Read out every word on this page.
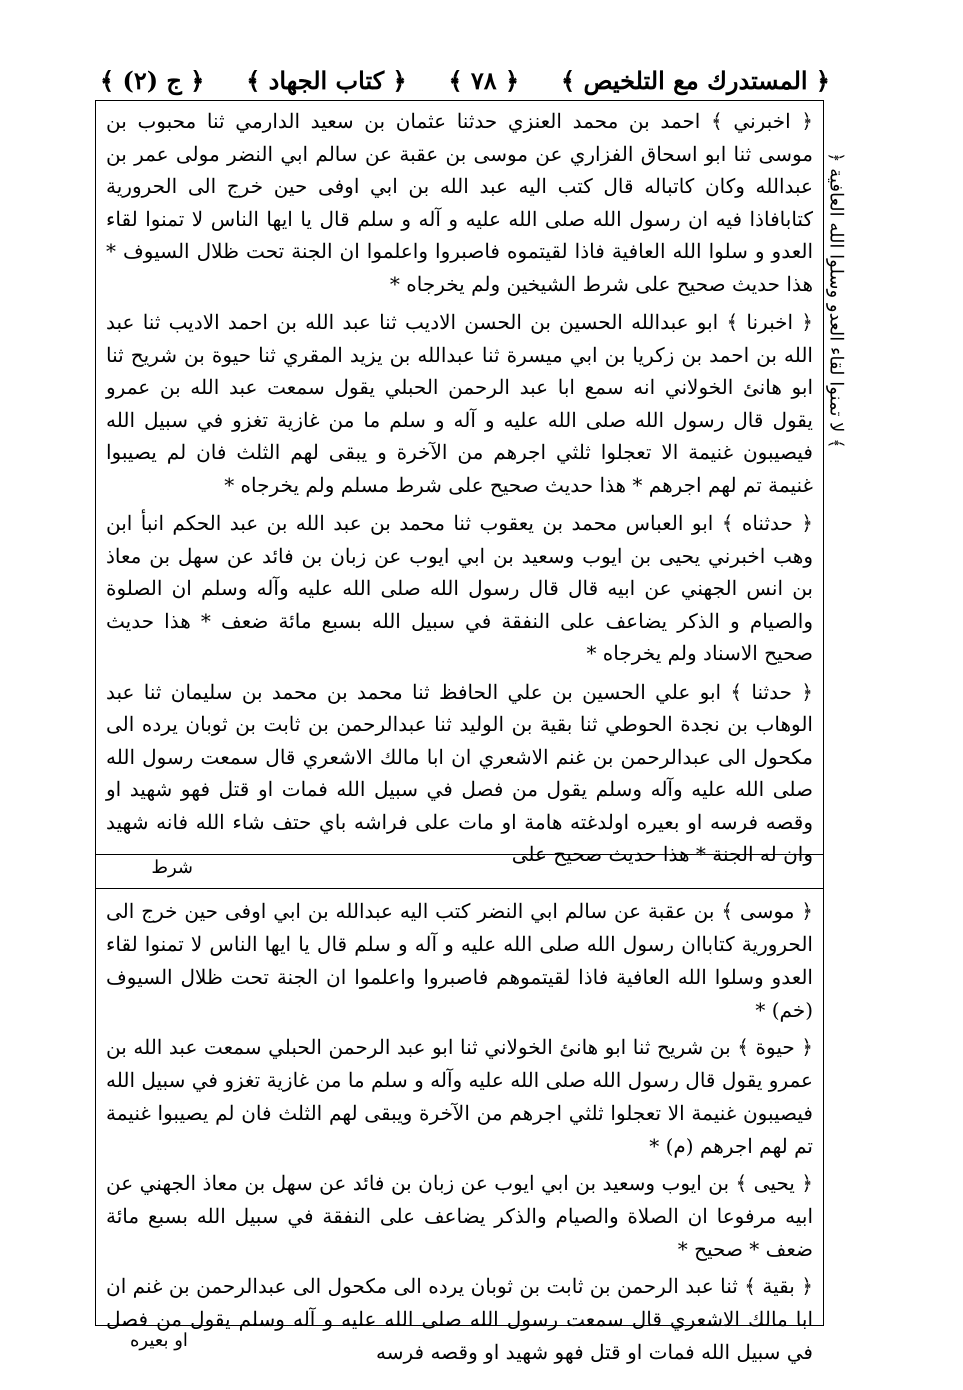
﴿ المستدرك مع التلخيص ﴾
﴿ ٧٨ ﴾
﴿ كتاب الجهاد ﴾
﴿ ج (٢) ﴾

﴿ اخبرني ﴾ احمد بن محمد العنزي حدثنا عثمان بن سعيد الدارمي ثنا محبوب بن موسى ثنا ابو اسحاق الفزاري عن موسى بن عقبة عن سالم ابي النضر مولى عمر بن عبدالله وكان كاتباله قال كتب اليه عبد الله بن ابي اوفى حين خرج الى الحرورية كتابافاذا فيه ان رسول الله صلى الله عليه و آله و سلم قال يا ايها الناس لا تمنوا لقاء العدو و سلوا الله العافية فاذا لقيتموه فاصبروا واعلموا ان الجنة تحت ظلال السيوف * هذا حديث صحيح على شرط الشيخين ولم يخرجاه *

﴿ اخبرنا ﴾ ابو عبدالله الحسين بن الحسن الاديب ثنا عبد الله بن احمد الاديب ثنا عبد الله بن احمد بن زكريا بن ابي ميسرة ثنا عبدالله بن يزيد المقري ثنا حيوة بن شريح ثنا ابو هانئ الخولاني انه سمع ابا عبد الرحمن الحبلي يقول سمعت عبد الله بن عمرو يقول قال رسول الله صلى الله عليه و آله و سلم ما من غازية تغزو في سبيل الله فيصيبون غنيمة الا تعجلوا ثلثي اجرهم من الآخرة و يبقى لهم الثلث فان لم يصيبوا غنيمة تم لهم اجرهم * هذا حديث صحيح على شرط مسلم ولم يخرجاه *

﴿ حدثناه ﴾ ابو العباس محمد بن يعقوب ثنا محمد بن عبد الله بن عبد الحكم انبأ ابن وهب اخبرني يحيى بن ايوب وسعيد بن ابي ايوب عن زبان بن فائد عن سهل بن معاذ بن انس الجهني عن ابيه قال قال رسول الله صلى الله عليه وآله وسلم ان الصلوة والصيام و الذكر يضاعف على النفقة في سبيل الله بسبع مائة ضعف * هذا حديث صحيح الاسناد ولم يخرجاه *

﴿ حدثنا ﴾ ابو علي الحسين بن علي الحافظ ثنا محمد بن محمد بن سليمان ثنا عبد الوهاب بن نجدة الحوطي ثنا بقية بن الوليد ثنا عبدالرحمن بن ثابت بن ثوبان يرده الى مكحول الى عبدالرحمن بن غنم الاشعري ان ابا مالك الاشعري قال سمعت رسول الله صلى الله عليه وآله وسلم يقول من فصل في سبيل الله فمات او قتل فهو شهيد او وقصه فرسه او بعيره اولدغته هامة او مات على فراشه باي حتف شاء الله فانه شهيد وان له الجنة * هذا حديث صحيح على

شرط

﴿ موسى ﴾ بن عقبة عن سالم ابي النضر كتب اليه عبدالله بن ابي اوفى حين خرج الى الحرورية كتاباان رسول الله صلى الله عليه و آله و سلم قال يا ايها الناس لا تمنوا لقاء العدو وسلوا الله العافية فاذا لقيتموهم فاصبروا واعلموا ان الجنة تحت ظلال السيوف (خم) *

﴿ حيوة ﴾ بن شريح ثنا ابو هانئ الخولاني ثنا ابو عبد الرحمن الحبلي سمعت عبد الله بن عمرو يقول قال رسول الله صلى الله عليه وآله و سلم ما من غازية تغزو في سبيل الله فيصيبون غنيمة الا تعجلوا ثلثي اجرهم من الآخرة ويبقى لهم الثلث فان لم يصيبوا غنيمة تم لهم اجرهم (م) *

﴿ يحيى ﴾ بن ايوب وسعيد بن ابي ايوب عن زبان بن فائد عن سهل بن معاذ الجهني عن ابيه مرفوعا ان الصلاة والصيام والذكر يضاعف على النفقة في سبيل الله بسبع مائة ضعف * صحيح *

﴿ بقية ﴾ ثنا عبد الرحمن بن ثابت بن ثوبان يرده الى مكحول الى عبدالرحمن بن غنم ان ابا مالك الاشعري قال سمعت رسول الله صلى الله عليه و آله وسلم يقول من فصل في سبيل الله فمات او قتل فهو شهيد او وقصه فرسه

﴿ لا تمنوا لقاء العدو وسلوا الله العافية ﴾
او بعيره
